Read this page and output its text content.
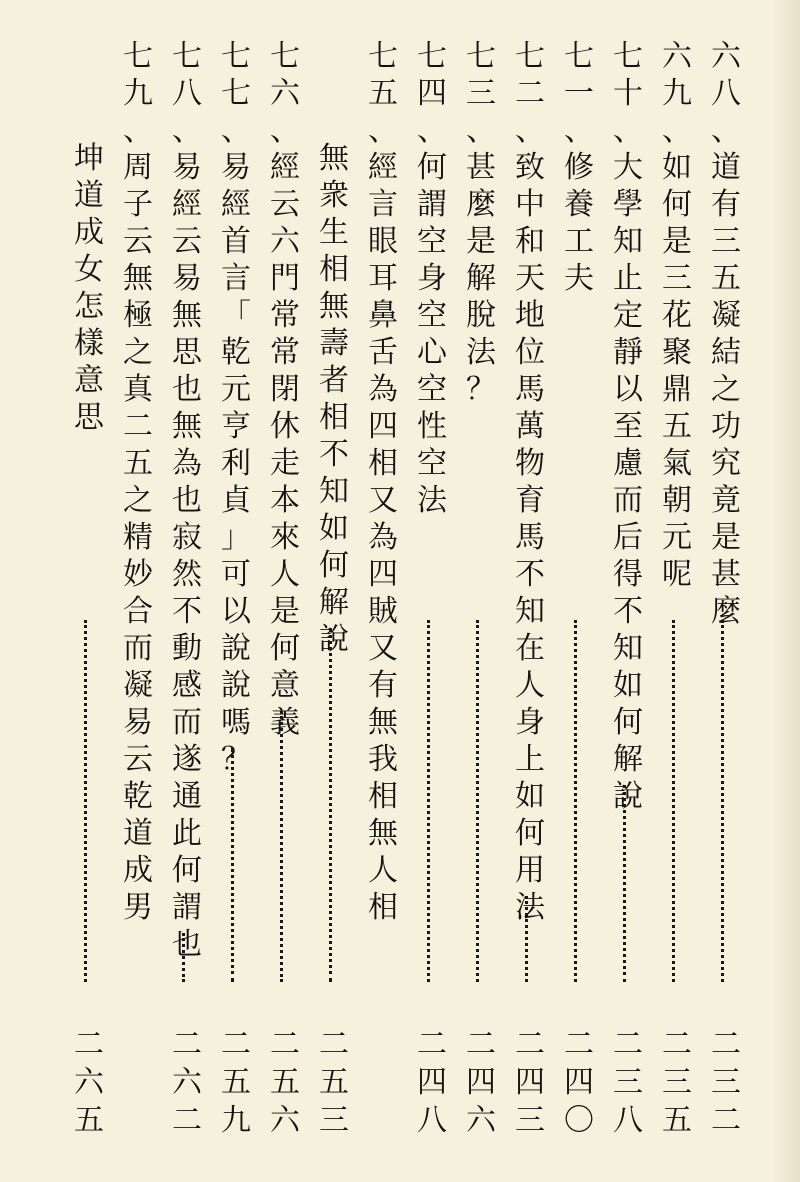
六
八
、
道
有
三
五
凝
結
之
功
究
竟
是
甚
麼
二
三
二
六
九
、
如
何
是
三
花
聚
鼎
五
氣
朝
元
呢
二
三
五
七
十
、
大
學
知
止
定
靜
以
至
慮
而
后
得
不
知
如
何
解
說
二
三
八
七
一
、
修
養
工
夫
二
四
〇
七
二
、
致
中
和
天
地
位
馬
萬
物
育
馬
不
知
在
人
身
上
如
何
用
法
二
四
三
七
三
、
甚
麼
是
解
脫
法
？
二
四
六
七
四
、
何
謂
空
身
空
心
空
性
空
法
二
四
八
七
五
、
經
言
眼
耳
鼻
舌
為
四
相
又
為
四
賊
又
有
無
我
相
無
人
相
無
衆
生
相
無
壽
者
相
不
知
如
何
解
說
二
五
三
七
六
、
經
云
六
門
常
常
閉
休
走
本
來
人
是
何
意
義
二
五
六
七
七
、
易
經
首
言
「
乾
元
亨
利
貞
」
可
以
說
說
嗎
？
二
五
九
七
八
、
易
經
云
易
無
思
也
無
為
也
寂
然
不
動
感
而
遂
通
此
何
謂
也
二
六
二
七
九
、
周
子
云
無
極
之
真
二
五
之
精
妙
合
而
凝
易
云
乾
道
成
男
坤
道
成
女
怎
樣
意
思
二
六
五
